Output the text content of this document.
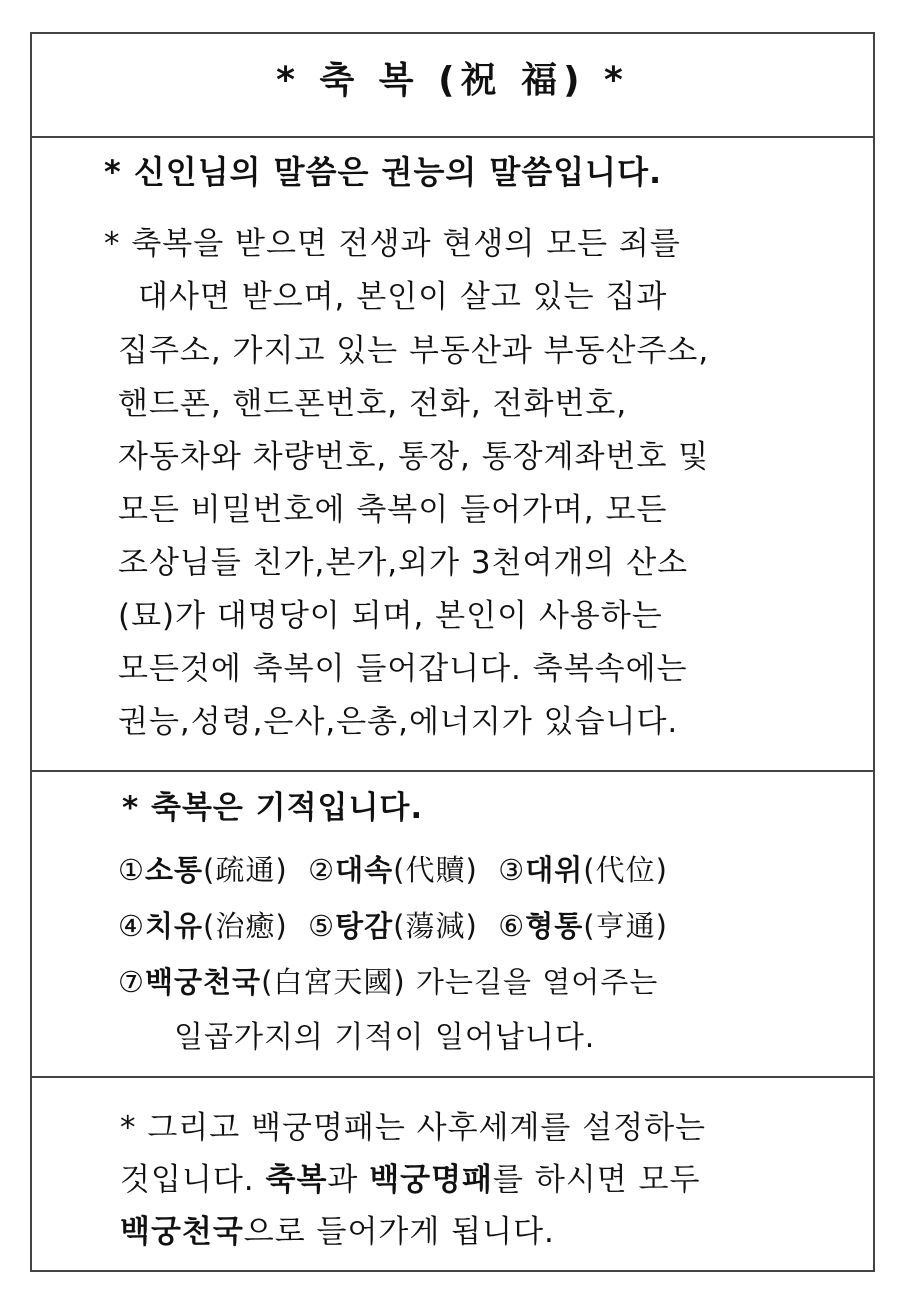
* 축 복 (祝 福) *
* 신인님의 말씀은 권능의 말씀입니다.
* 축복을 받으면 전생과 현생의 모든 죄를
대사면 받으며, 본인이 살고 있는 집과
집주소, 가지고 있는 부동산과 부동산주소,
핸드폰, 핸드폰번호, 전화, 전화번호,
자동차와 차량번호, 통장, 통장계좌번호 및
모든 비밀번호에 축복이 들어가며, 모든
조상님들 친가,본가,외가 3천여개의 산소
(묘)가 대명당이 되며, 본인이 사용하는
모든것에 축복이 들어갑니다. 축복속에는
권능,성령,은사,은총,에너지가 있습니다.
* 축복은 기적입니다.
①소통(疏通) ②대속(代贖) ③대위(代位)
④치유(治癒) ⑤탕감(蕩減) ⑥형통(亨通)
⑦백궁천국(白宮天國) 가는길을 열어주는
일곱가지의 기적이 일어납니다.
* 그리고 백궁명패는 사후세계를 설정하는
것입니다. 축복과 백궁명패를 하시면 모두
백궁천국으로 들어가게 됩니다.
